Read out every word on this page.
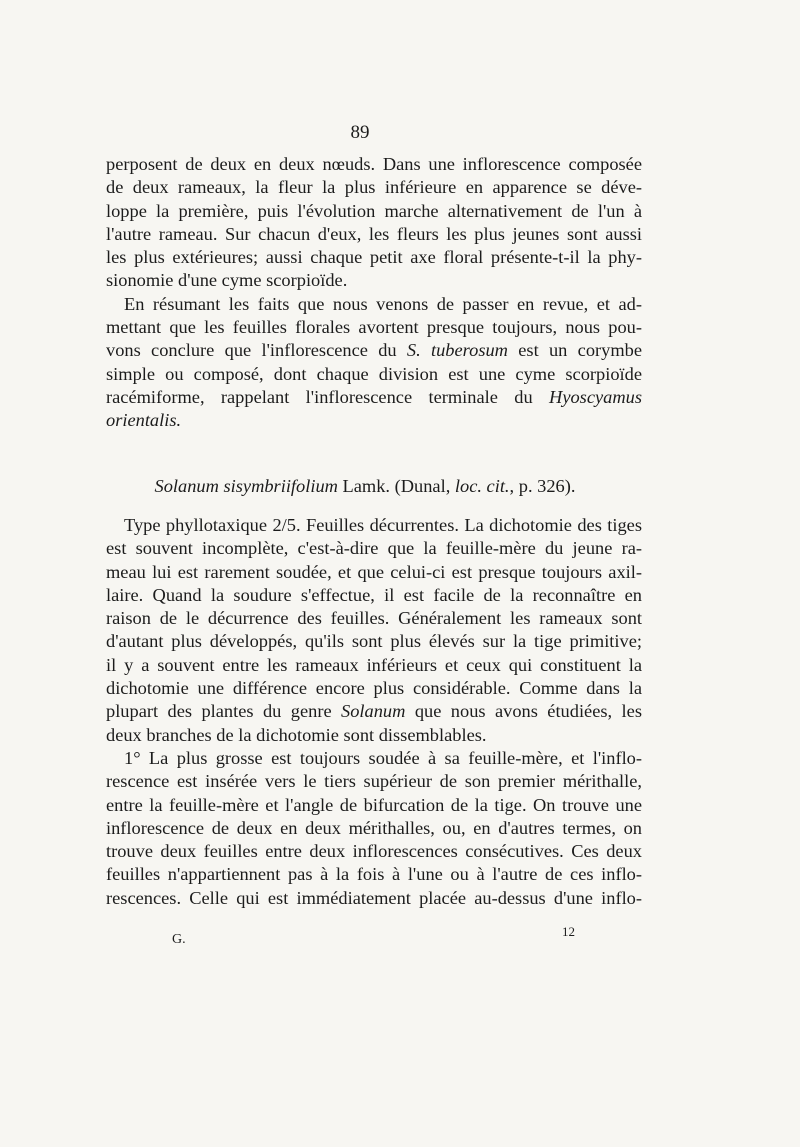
89

perposent de deux en deux nœuds. Dans une inflorescence composée
de deux rameaux, la fleur la plus inférieure en apparence se déve-
loppe la première, puis l'évolution marche alternativement de l'un à
l'autre rameau. Sur chacun d'eux, les fleurs les plus jeunes sont aussi
les plus extérieures; aussi chaque petit axe floral présente-t-il la phy-
sionomie d'une cyme scorpioïde.

En résumant les faits que nous venons de passer en revue, et ad-
mettant que les feuilles florales avortent presque toujours, nous pou-
vons conclure que l'inflorescence du S. tuberosum est un corymbe
simple ou composé, dont chaque division est une cyme scorpioïde
racémiforme, rappelant l'inflorescence terminale du Hyoscyamus
orientalis.

Solanum sisymbriifolium Lamk. (Dunal, loc. cit., p. 326).

Type phyllotaxique 2/5. Feuilles décurrentes. La dichotomie des tiges
est souvent incomplète, c'est-à-dire que la feuille-mère du jeune ra-
meau lui est rarement soudée, et que celui-ci est presque toujours axil-
laire. Quand la soudure s'effectue, il est facile de la reconnaître en
raison de le décurrence des feuilles. Généralement les rameaux sont
d'autant plus développés, qu'ils sont plus élevés sur la tige primitive;
il y a souvent entre les rameaux inférieurs et ceux qui constituent la
dichotomie une différence encore plus considérable. Comme dans la
plupart des plantes du genre Solanum que nous avons étudiées, les
deux branches de la dichotomie sont dissemblables.

1° La plus grosse est toujours soudée à sa feuille-mère, et l'inflo-
rescence est insérée vers le tiers supérieur de son premier mérithalle,
entre la feuille-mère et l'angle de bifurcation de la tige. On trouve une
inflorescence de deux en deux mérithalles, ou, en d'autres termes, on
trouve deux feuilles entre deux inflorescences consécutives. Ces deux
feuilles n'appartiennent pas à la fois à l'une ou à l'autre de ces inflo-
rescences. Celle qui est immédiatement placée au-dessus d'une inflo-

G.
12
